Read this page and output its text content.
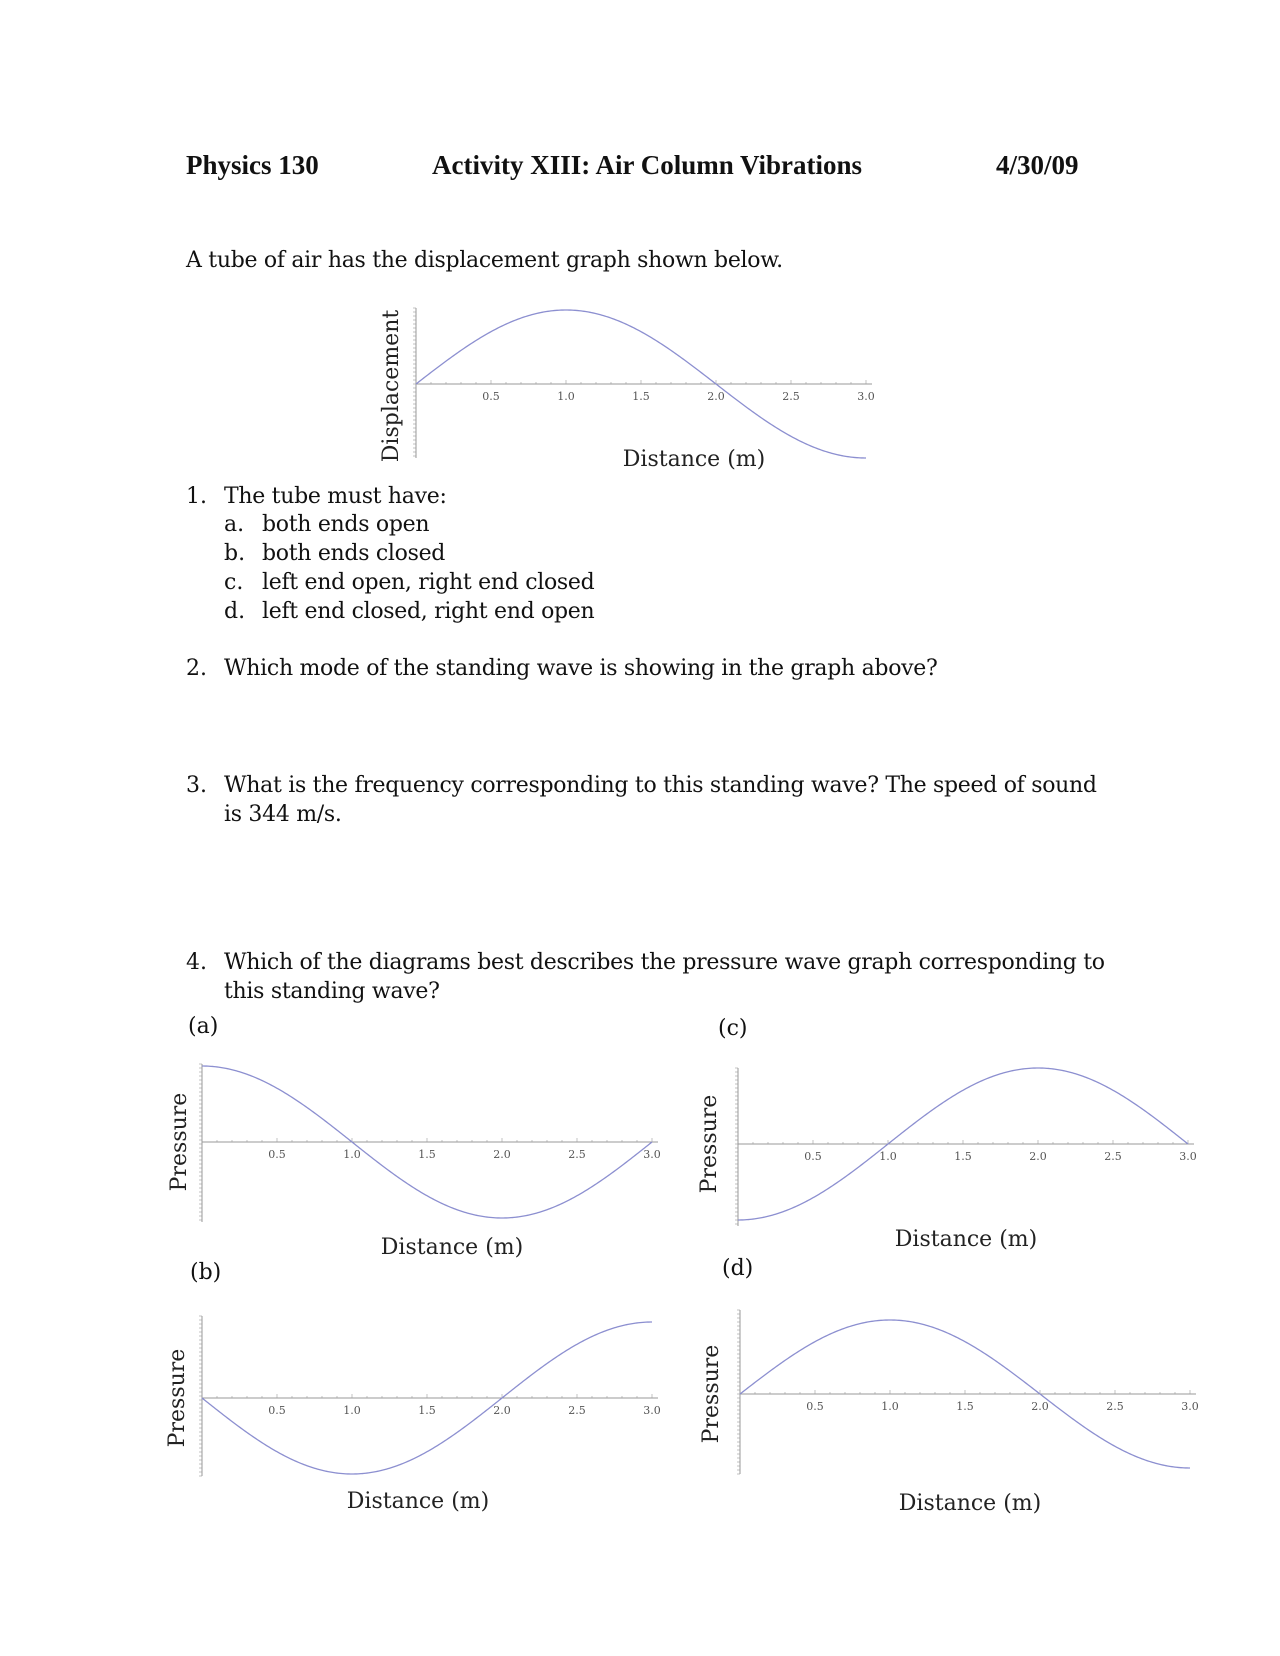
Physics 130	Activity XIII: Air Column Vibrations	4/30/09
A tube of air has the displacement graph shown below.
0.5	1.0	1.5	2.0	2.5	3.0
Distance (m)
Displacement
1. The tube must have:
a. both ends open
b. both ends closed
c. left end open, right end closed
d. left end closed, right end open
2. Which mode of the standing wave is showing in the graph above?
3. What is the frequency corresponding to this standing wave? The speed of sound
is 344 m/s.
4. Which of the diagrams best describes the pressure wave graph corresponding to
this standing wave?
(a)	(c)
(b)	(d)
0.5	1.0	1.5	2.0	2.5	3.0
Distance (m)
Pressure	0.5	1.0	1.5	2.0	2.5	3.0
Distance (m)
Pressure
0.5	1.0	1.5	2.0	2.5	3.0
Distance (m)
Pressure	0.5	1.0	1.5	2.0	2.5	3.0
Distance (m)
Pressure
